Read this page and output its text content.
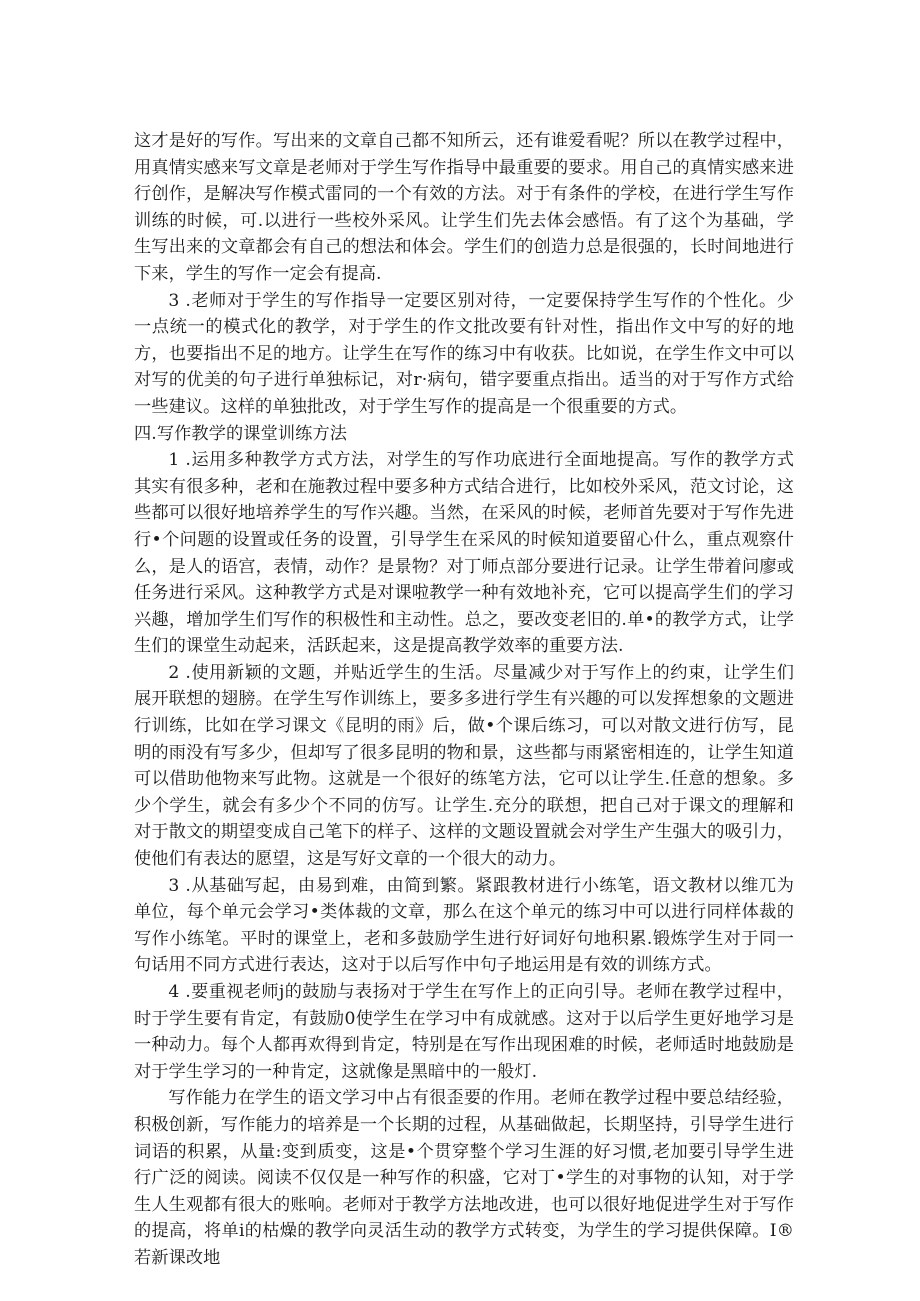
这才是好的写作。写出来的文章自己都不知所云，还有谁爱看呢？所以在教学过程中，用真情实感来写文章是老师对于学生写作指导中最重要的要求。用自己的真情实感来进行创作，是解决写作模式雷同的一个有效的方法。对于有条件的学校，在进行学生写作训练的时候，可.以进行一些校外采风。让学生们先去体会感悟。有了这个为基础，学生写出来的文章都会有自己的想法和体会。学生们的创造力总是很强的，长时间地进行下来，学生的写作一定会有提高.

3 .老师对于学生的写作指导一定要区别对待，一定要保持学生写作的个性化。少一点统一的模式化的教学，对于学生的作文批改要有针对性，指出作文中写的好的地方，也要指出不足的地方。让学生在写作的练习中有收获。比如说，在学生作文中可以对写的优美的句子进行单独标记，对r·病句，错字要重点指出。适当的对于写作方式给一些建议。这样的单独批改，对于学生写作的提高是一个很重要的方式。

四.写作教学的课堂训练方法

1 .运用多种教学方式方法，对学生的写作功底进行全面地提高。写作的教学方式其实有很多种，老和在施教过程中要多种方式结合进行，比如校外采风，范文讨论，这些都可以很好地培养学生的写作兴趣。当然，在采风的时候，老师首先要对于写作先进行•个问题的设置或任务的设置，引导学生在采风的时候知道要留心什么，重点观察什么，是人的语宫，表情，动作？是景物？对丁师点部分要进行记录。让学生带着问廖或任务进行采风。这种教学方式是对课啦教学一种有效地补充，它可以提高学生们的学习兴趣，增加学生们写作的积极性和主动性。总之，要改变老旧的.单•的教学方式，让学生们的课堂生动起来，活跃起来，这是提高教学效率的重要方法.

2 .使用新颖的文题，并贴近学生的生活。尽量减少对于写作上的约束，让学生们展开联想的翅膀。在学生写作训练上，要多多进行学生有兴趣的可以发挥想象的文题进行训练，比如在学习课文《昆明的雨》后，做•个课后练习，可以对散文进行仿写，昆明的雨没有写多少，但却写了很多昆明的物和景，这些都与雨紧密相连的，让学生知道可以借助他物来写此物。这就是一个很好的练笔方法，它可以让学生.任意的想象。多少个学生，就会有多少个不同的仿写。让学生.充分的联想，把自己对于课文的理解和对于散文的期望变成自己笔下的样子、这样的文题设置就会对学生产生强大的吸引力，使他们有表达的愿望，这是写好文章的一个很大的动力。

3 .从基础写起，由易到难，由简到繁。紧跟教材进行小练笔，语文教材以维兀为单位，每个单元会学习•类体裁的文章，那么在这个单元的练习中可以进行同样体裁的写作小练笔。平时的课堂上，老和多鼓励学生进行好词好句地积累.锻炼学生对于同一句话用不同方式进行表达，这对于以后写作中句子地运用是有效的训练方式。

4 .要重视老师j的鼓励与表扬对于学生在写作上的正向引导。老师在教学过程中，时于学生要有肯定，有鼓励0使学生在学习中有成就感。这对于以后学生更好地学习是一种动力。每个人都再欢得到肯定，特别是在写作出现困难的时候，老师适时地鼓励是对于学生学习的一种肯定，这就像是黑暗中的一般灯.

写作能力在学生的语文学习中占有很歪要的作用。老师在教学过程中要总结经验，积极创新，写作能力的培养是一个长期的过程，从基础做起，长期坚持，引导学生进行词语的积累，从量:变到质变，这是•个贯穿整个学习生涯的好习惯,老加要引导学生进行广泛的阅读。阅读不仅仅是一种写作的积盛，它对丁•学生的对事物的认知，对于学生人生观都有很大的账响。老师对于教学方法地改进，也可以很好地促进学生对于写作的提高，将单i的枯燥的教学向灵活生动的教学方式转变，为学生的学习提供保障。I®若新课改地
